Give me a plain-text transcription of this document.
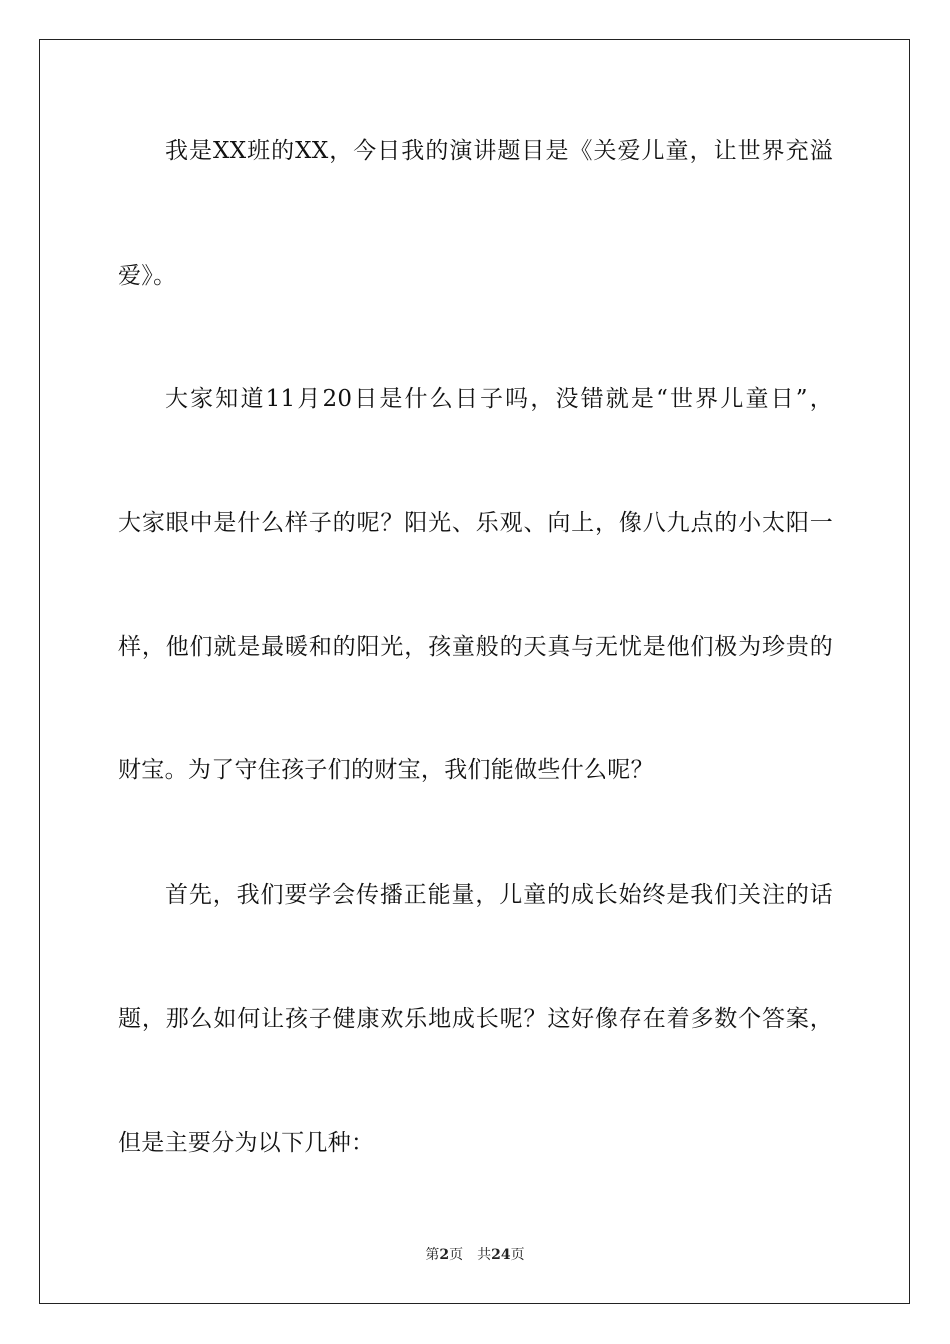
我是XX班的XX，今日我的演讲题目是《关爱儿童，让世界充溢
爱》。
大家知道11月20日是什么日子吗，没错就是“世界儿童日”，
大家眼中是什么样子的呢？阳光、乐观、向上，像八九点的小太阳一
样，他们就是最暖和的阳光，孩童般的天真与无忧是他们极为珍贵的
财宝。为了守住孩子们的财宝，我们能做些什么呢？
首先，我们要学会传播正能量，儿童的成长始终是我们关注的话
题，那么如何让孩子健康欢乐地成长呢？这好像存在着多数个答案，
但是主要分为以下几种：
第2页 共24页
